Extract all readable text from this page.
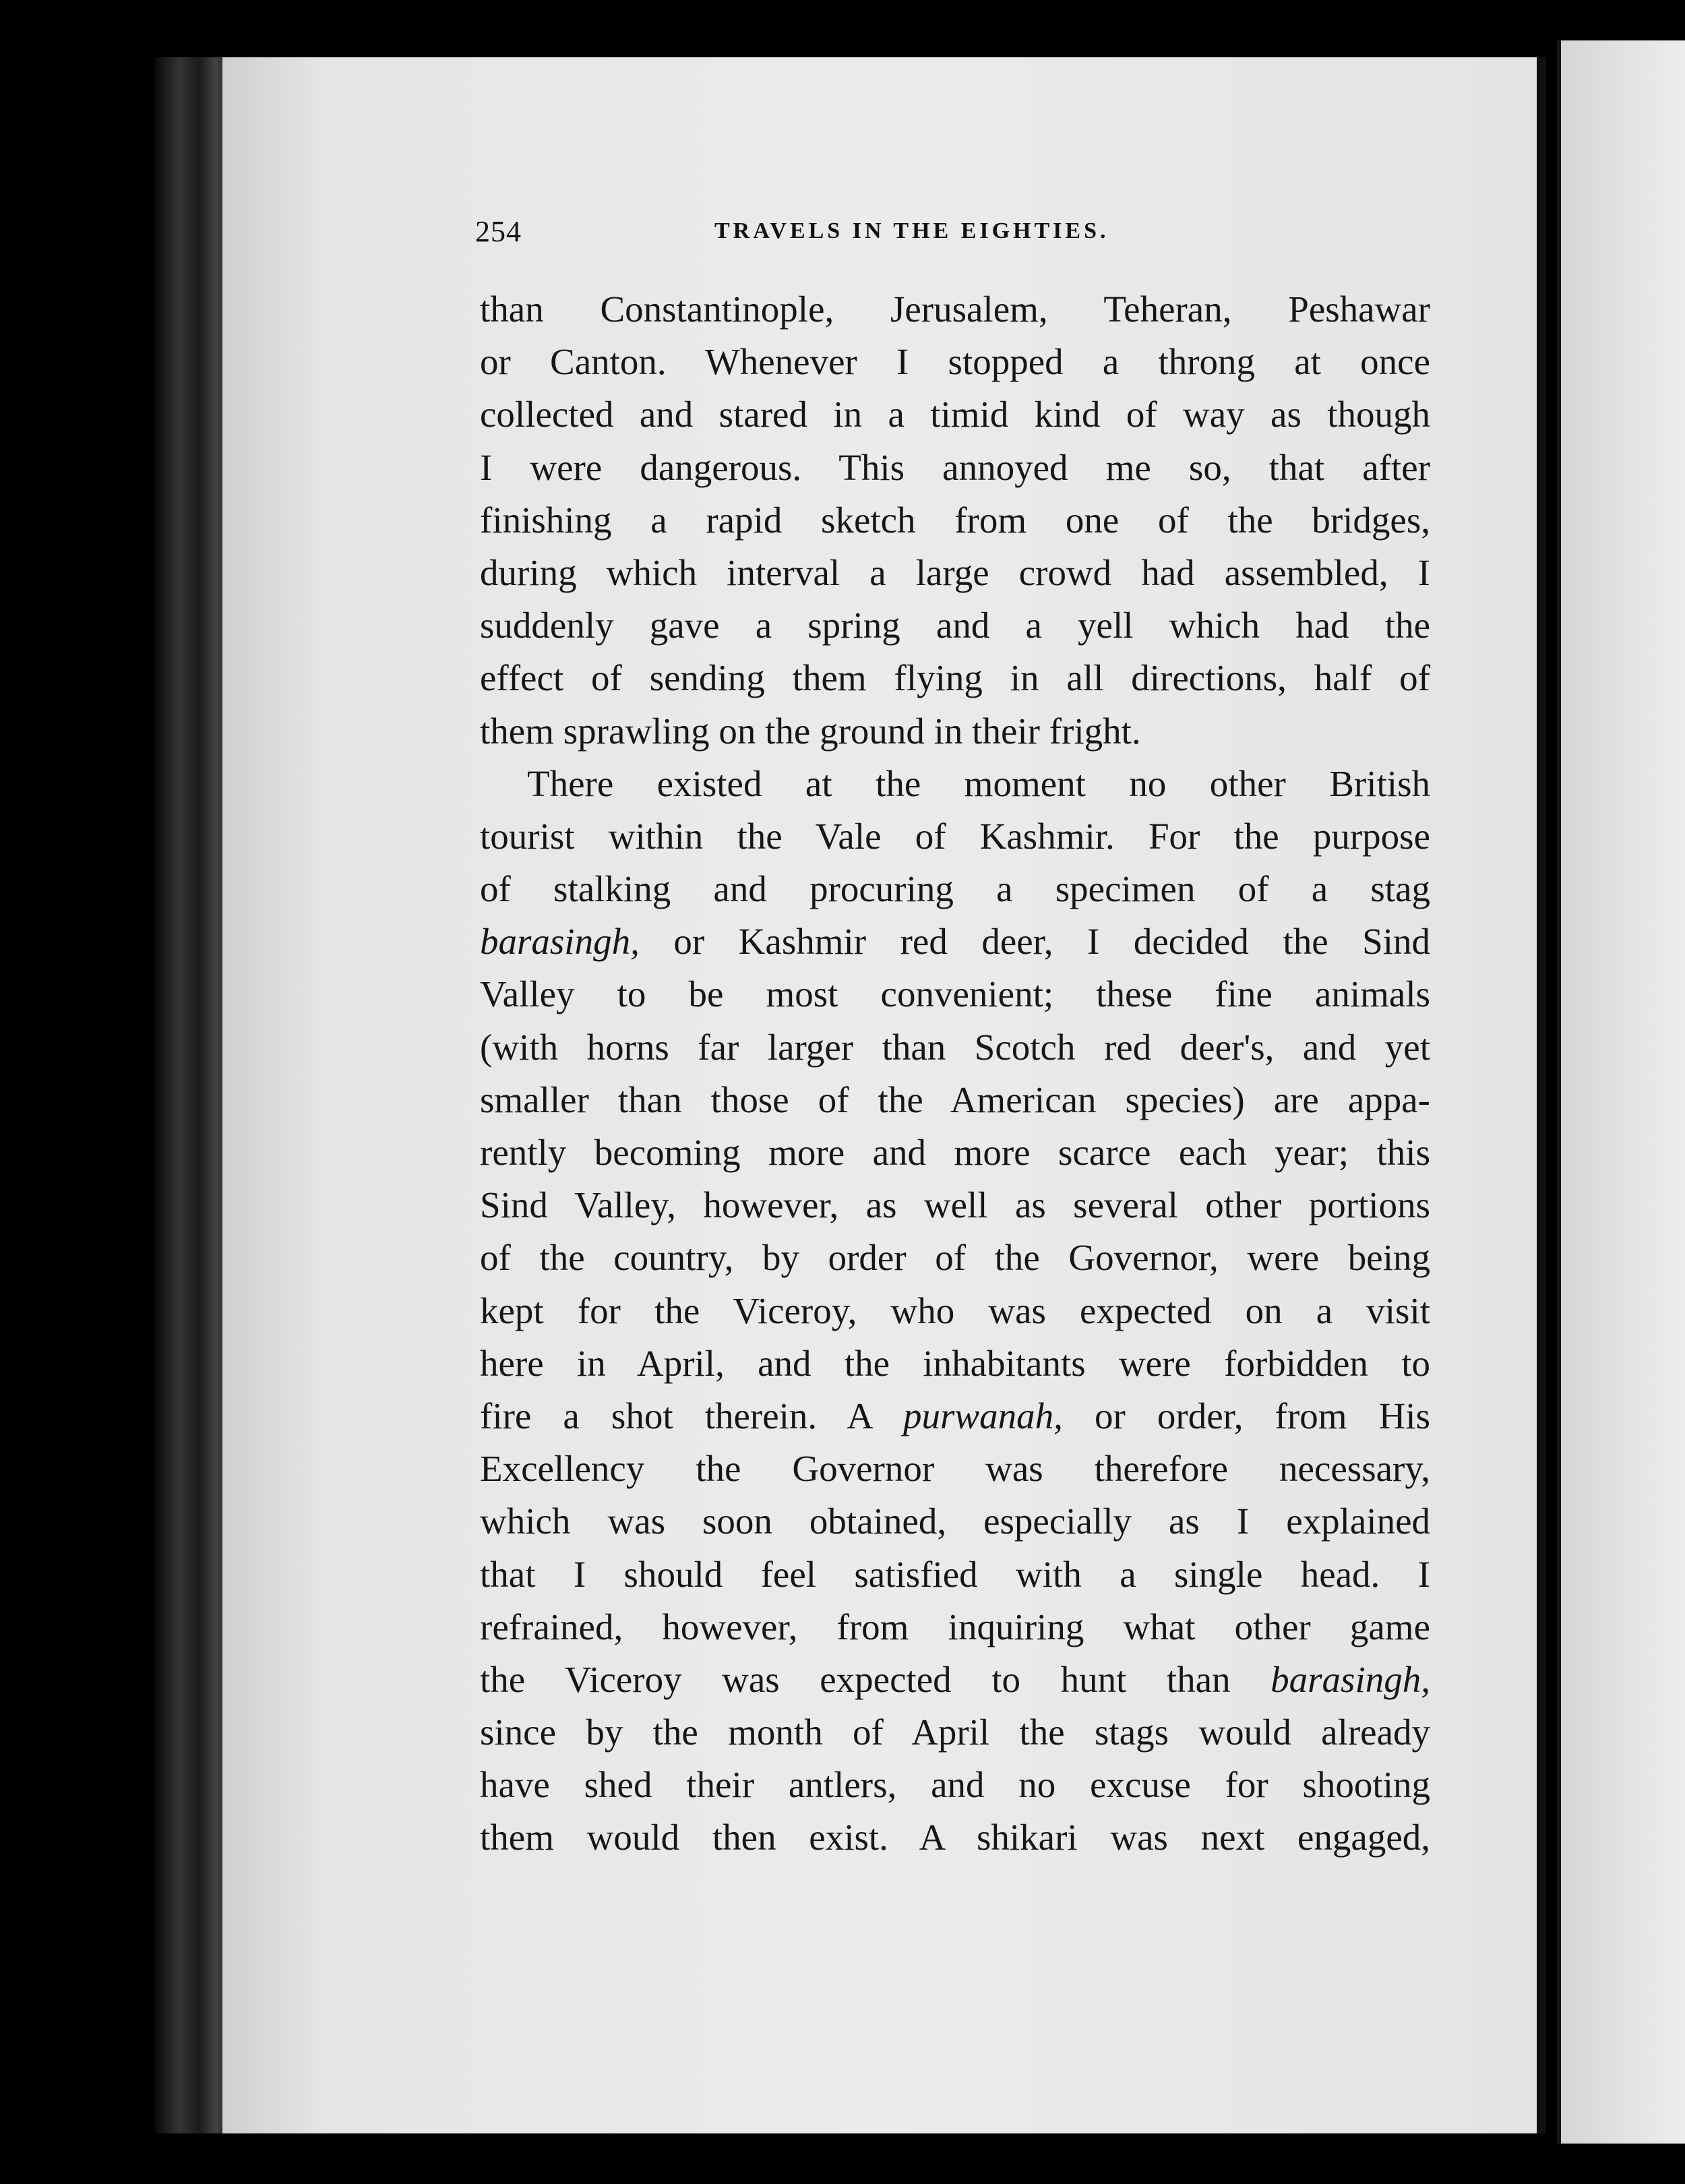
254	TRAVELS IN THE EIGHTIES.
than Constantinople, Jerusalem, Teheran, Peshawar
or Canton. Whenever I stopped a throng at once
collected and stared in a timid kind of way as though
I were dangerous. This annoyed me so, that after
finishing a rapid sketch from one of the bridges,
during which interval a large crowd had assembled, I
suddenly gave a spring and a yell which had the
effect of sending them flying in all directions, half of
them sprawling on the ground in their fright.
There existed at the moment no other British
tourist within the Vale of Kashmir. For the purpose
of stalking and procuring a specimen of a stag
barasingh, or Kashmir red deer, I decided the Sind
Valley to be most convenient; these fine animals
(with horns far larger than Scotch red deer's, and yet
smaller than those of the American species) are appa-
rently becoming more and more scarce each year; this
Sind Valley, however, as well as several other portions
of the country, by order of the Governor, were being
kept for the Viceroy, who was expected on a visit
here in April, and the inhabitants were forbidden to
fire a shot therein. A purwanah, or order, from His
Excellency the Governor was therefore necessary,
which was soon obtained, especially as I explained
that I should feel satisfied with a single head. I
refrained, however, from inquiring what other game
the Viceroy was expected to hunt than barasingh,
since by the month of April the stags would already
have shed their antlers, and no excuse for shooting
them would then exist. A shikari was next engaged,
